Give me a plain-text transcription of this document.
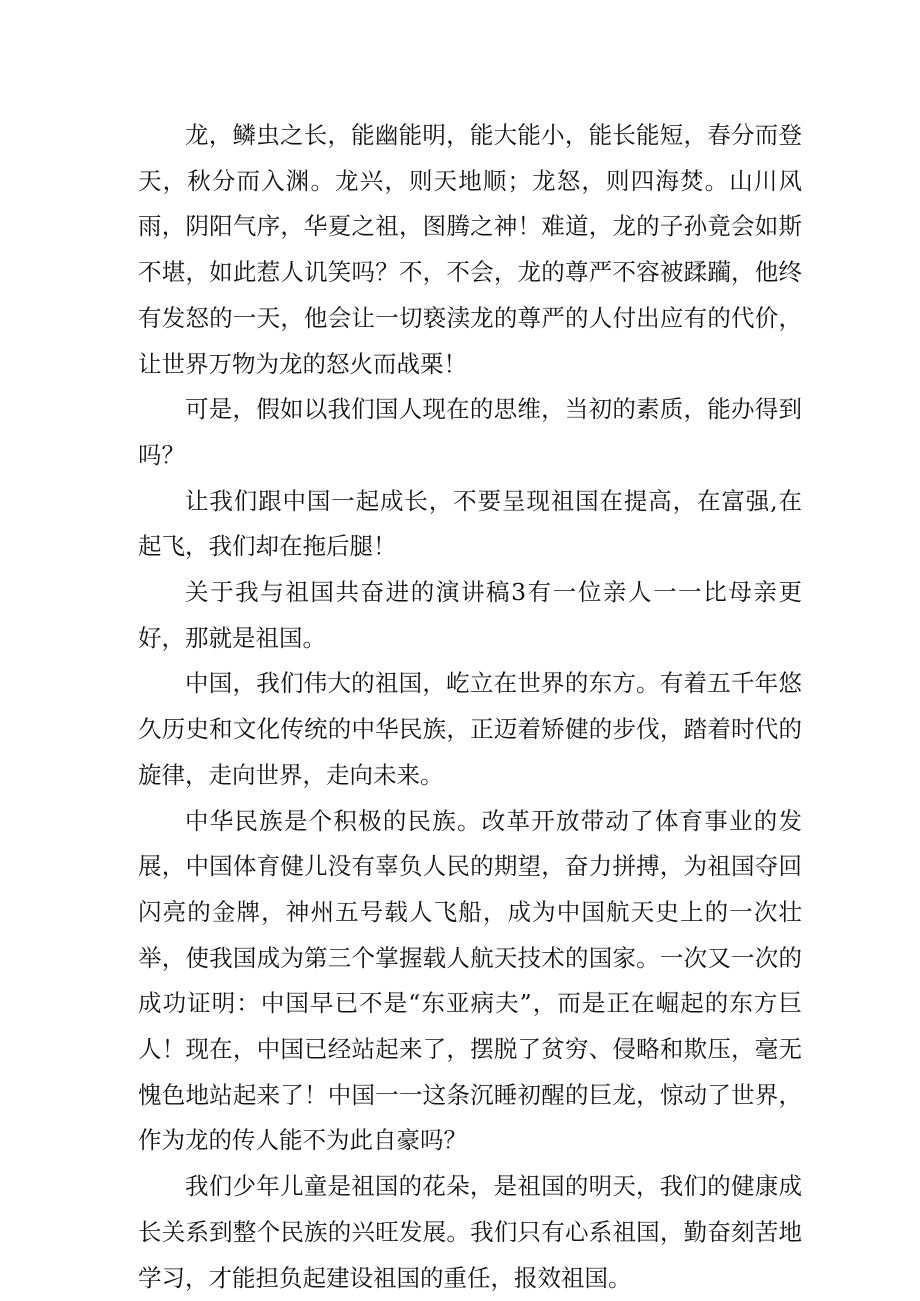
龙，鳞虫之长，能幽能明，能大能小，能长能短，春分而登天，秋分而入渊。龙兴，则天地顺；龙怒，则四海焚。山川风雨，阴阳气序，华夏之祖，图腾之神！难道，龙的子孙竟会如斯不堪，如此惹人讥笑吗？不，不会，龙的尊严不容被蹂躏，他终有发怒的一天，他会让一切亵渎龙的尊严的人付出应有的代价，让世界万物为龙的怒火而战栗！

可是，假如以我们国人现在的思维，当初的素质，能办得到吗？

让我们跟中国一起成长，不要呈现祖国在提高，在富强,在起飞，我们却在拖后腿！

关于我与祖国共奋进的演讲稿3有一位亲人一一比母亲更好，那就是祖国。

中国，我们伟大的祖国，屹立在世界的东方。有着五千年悠久历史和文化传统的中华民族，正迈着矫健的步伐，踏着时代的旋律，走向世界，走向未来。

中华民族是个积极的民族。改革开放带动了体育事业的发展，中国体育健儿没有辜负人民的期望，奋力拼搏，为祖国夺回闪亮的金牌，神州五号载人飞船，成为中国航天史上的一次壮举，使我国成为第三个掌握载人航天技术的国家。一次又一次的成功证明：中国早已不是“东亚病夫”，而是正在崛起的东方巨人！现在，中国已经站起来了，摆脱了贫穷、侵略和欺压，毫无愧色地站起来了！中国一一这条沉睡初醒的巨龙，惊动了世界，作为龙的传人能不为此自豪吗？

我们少年儿童是祖国的花朵，是祖国的明天，我们的健康成长关系到整个民族的兴旺发展。我们只有心系祖国，勤奋刻苦地学习，才能担负起建设祖国的重任，报效祖国。
